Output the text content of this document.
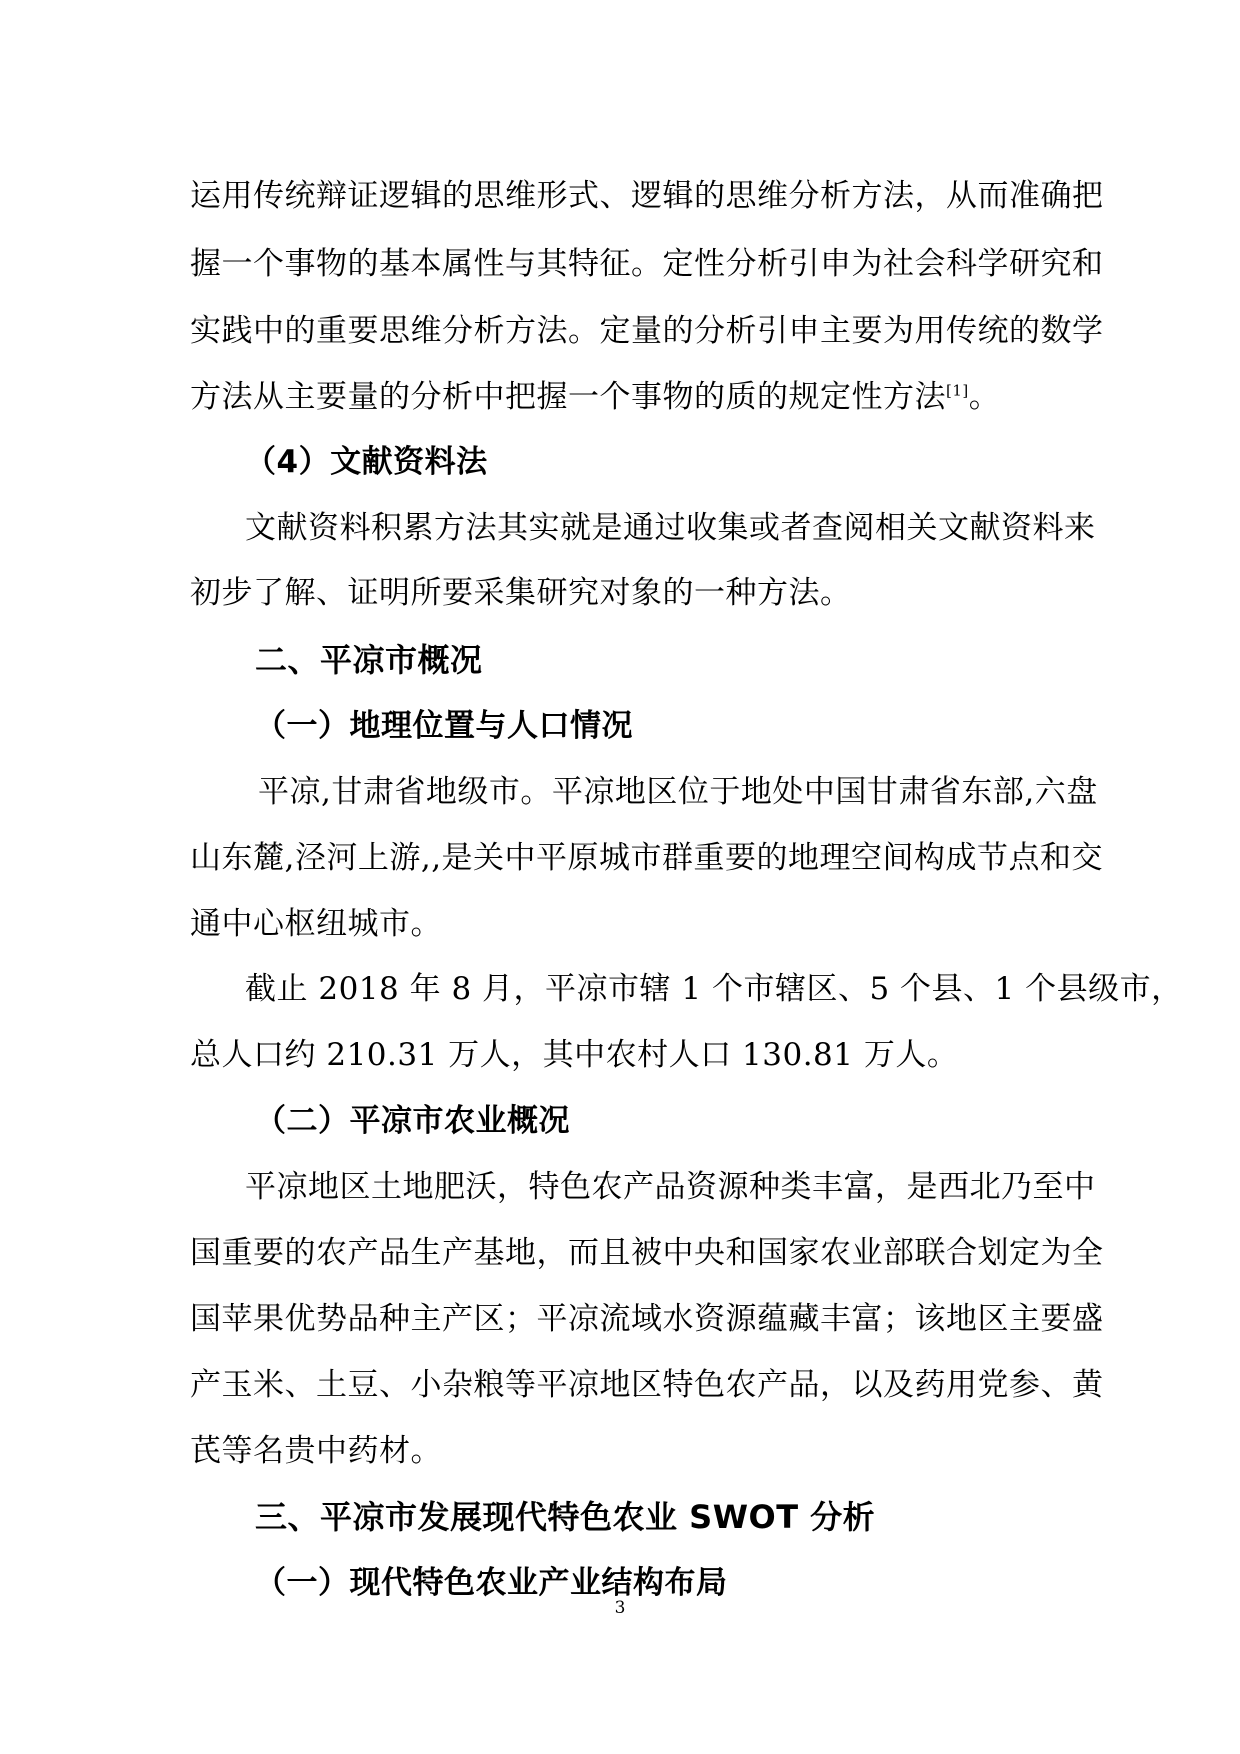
运用传统辩证逻辑的思维形式、逻辑的思维分析方法，从而准确把
握一个事物的基本属性与其特征。定性分析引申为社会科学研究和
实践中的重要思维分析方法。定量的分析引申主要为用传统的数学
方法从主要量的分析中把握一个事物的质的规定性方法[1]。
（4）文献资料法
文献资料积累方法其实就是通过收集或者查阅相关文献资料来
初步了解、证明所要采集研究对象的一种方法。
二、平凉市概况
（一）地理位置与人口情况
平凉,甘肃省地级市。平凉地区位于地处中国甘肃省东部,六盘
山东麓,泾河上游,,是关中平原城市群重要的地理空间构成节点和交
通中心枢纽城市。
截止 2018 年 8 月，平凉市辖 1 个市辖区、5 个县、1 个县级市，
总人口约 210.31 万人，其中农村人口 130.81 万人。
（二）平凉市农业概况
平凉地区土地肥沃，特色农产品资源种类丰富，是西北乃至中
国重要的农产品生产基地，而且被中央和国家农业部联合划定为全
国苹果优势品种主产区；平凉流域水资源蕴藏丰富；该地区主要盛
产玉米、土豆、小杂粮等平凉地区特色农产品，以及药用党参、黄
芪等名贵中药材。
三、平凉市发展现代特色农业 SWOT 分析
（一）现代特色农业产业结构布局
3
